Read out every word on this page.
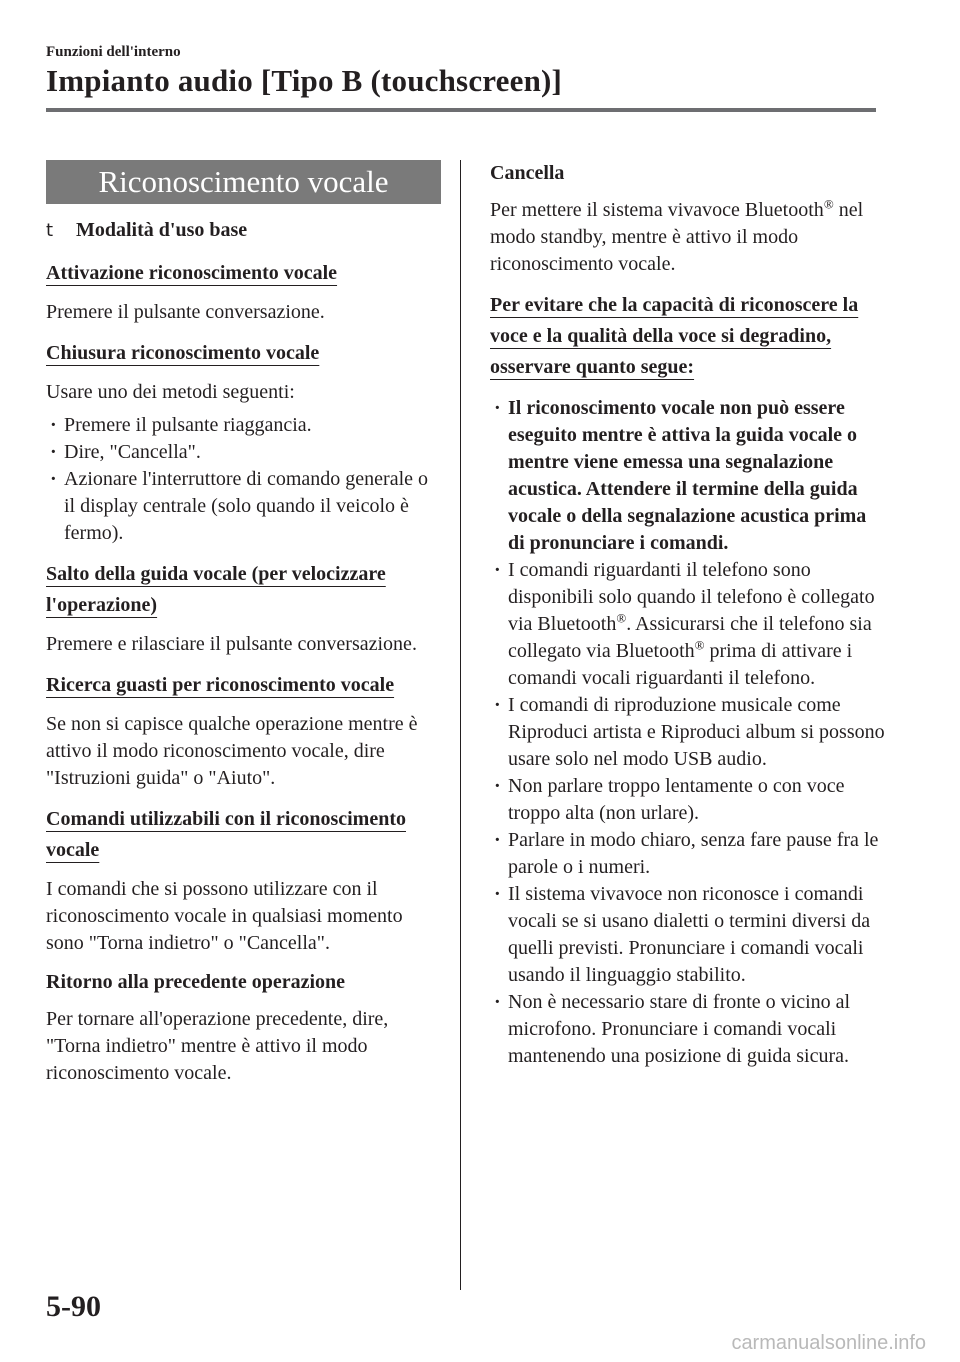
Funzioni dell'interno
Impianto audio [Tipo B (touchscreen)]
Riconoscimento vocale
t	Modalità d'uso base
Attivazione riconoscimento vocale

Premere il pulsante conversazione.

Chiusura riconoscimento vocale

Usare uno dei metodi seguenti:

· Premere il pulsante riaggancia.
· Dire, "Cancella".
· Azionare l'interruttore di comando generale o il display centrale (solo quando il veicolo è fermo).
Salto della guida vocale (per velocizzare l'operazione)

Premere e rilasciare il pulsante conversazione.

Ricerca guasti per riconoscimento vocale

Se non si capisce qualche operazione mentre è attivo il modo riconoscimento vocale, dire "Istruzioni guida" o "Aiuto".

Comandi utilizzabili con il riconoscimento vocale

I comandi che si possono utilizzare con il riconoscimento vocale in qualsiasi momento sono "Torna indietro" o "Cancella".

Ritorno alla precedente operazione

Per tornare all'operazione precedente, dire, "Torna indietro" mentre è attivo il modo riconoscimento vocale.

Cancella

Per mettere il sistema vivavoce Bluetooth® nel modo standby, mentre è attivo il modo riconoscimento vocale.

Per evitare che la capacità di riconoscere la voce e la qualità della voce si degradino, osservare quanto segue:
· Il riconoscimento vocale non può essere eseguito mentre è attiva la guida vocale o mentre viene emessa una segnalazione acustica. Attendere il termine della guida vocale o della segnalazione acustica prima di pronunciare i comandi.
· I comandi riguardanti il telefono sono disponibili solo quando il telefono è collegato via Bluetooth®. Assicurarsi che il telefono sia collegato via Bluetooth® prima di attivare i comandi vocali riguardanti il telefono.
· I comandi di riproduzione musicale come Riproduci artista e Riproduci album si possono usare solo nel modo USB audio.
· Non parlare troppo lentamente o con voce troppo alta (non urlare).
· Parlare in modo chiaro, senza fare pause fra le parole o i numeri.
· Il sistema vivavoce non riconosce i comandi vocali se si usano dialetti o termini diversi da quelli previsti. Pronunciare i comandi vocali usando il linguaggio stabilito.
· Non è necessario stare di fronte o vicino al microfono. Pronunciare i comandi vocali mantenendo una posizione di guida sicura.
5-90
carmanualsonline.info
